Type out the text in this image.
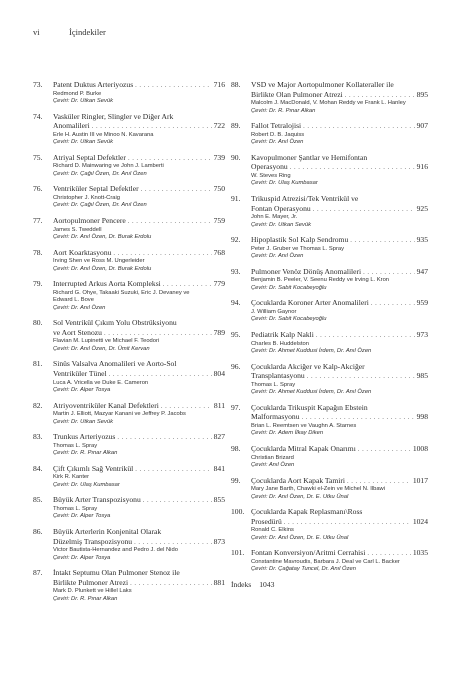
vi	İçindekiler
73. Patent Duktus Arteriyozus . . .	716
Redmond P. Burke
Çeviri: Dr. Utkan Sevük
74. Vasküler Ringler, Slingler ve Diğer Ark
Anomalileri . . .	722
Erle H. Austin III ve Minoo N. Kavarana
Çeviri: Dr. Utkan Sevük
75. Atriyal Septal Defektler . . .	739
Richard D. Mainwaring ve John J. Lamberti
Çeviri: Dr. Çağıl Özen, Dr. Anıl Özen
76. Ventriküler Septal Defektler . . .	750
Christopher J. Knott-Craig
Çeviri: Dr. Çağıl Özen, Dr. Anıl Özen
77. Aortopulmoner Pencere . . .	759
James S. Tweddell
Çeviri: Dr. Anıl Özen, Dr. Burak Erdolu
78. Aort Koarktasyonu . . .	768
Irving Shen ve Ross M. Ungerleider
Çeviri: Dr. Anıl Özen, Dr. Burak Erdolu
79. Interrupted Arkus Aorta Kompleksi . . .	779
Richard G. Ohye, Takaaki Suzuki, Eric J. Devaney ve
Edward L. Bove
Çeviri: Dr. Anıl Özen
80. Sol Ventrikül Çıkım Yolu Obstrüksiyonu
ve Aort Stenozu . . .	789
Flavian M. Lupinetti ve Michael F. Teodori
Çeviri: Dr. Anıl Özen, Dr. Ümit Kervan
81. Sinüs Valsalva Anomalileri ve Aorto-Sol
Ventriküler Tünel . . .	804
Luca A. Vricella ve Duke E. Cameron
Çeviri: Dr. Alper Tosya
82. Atriyoventriküler Kanal Defektleri . . .	811
Martin J. Elliott, Mazyar Kanani ve Jeffrey P. Jacobs
Çeviri: Dr. Utkan Sevük
83. Trunkus Arteriyozus . . .	827
Thomas L. Spray
Çeviri: Dr. R. Pınar Alkan
84. Çift Çıkımlı Sağ Ventrikül . . .	841
Kirk R. Kanter
Çeviri: Dr. Ulaş Kumbasar
85. Büyük Arter Transpozisyonu . . .	855
Thomas L. Spray
Çeviri: Dr. Alper Tosya
86. Büyük Arterlerin Konjenital Olarak
Düzelmiş Transpozisyonu . . .	873
Victor Bautista-Hernandez and Pedro J. del Nido
Çeviri: Dr. Alper Tosya
87. İntakt Septumu Olan Pulmoner Stenoz ile
Birlikte Pulmoner Atrezi . . .	881
Mark D. Plunkett ve Hillel Laks
Çeviri: Dr. R. Pınar Alkan
88. VSD ve Major Aortopulmoner Kollateraller ile
Birlikte Olan Pulmoner Atrezi . . .	895
Malcolm J. MacDonald, V. Mohan Reddy ve Frank L. Hanley
Çeviri: Dr. R. Pınar Alkan
89. Fallot Tetralojisi . . .	907
Robert D. B. Jaquiss
Çeviri: Dr. Anıl Özen
90. Kavopulmoner Şantlar ve Hemifontan
Operasyonu . . .	916
W. Steves Ring
Çeviri: Dr. Ulaş Kumbasar
91. Trikuspid Atrezisi/Tek Ventrikül ve
Fontan Operasyonu . . .	925
John E. Mayer, Jr.
Çeviri: Dr. Utkan Sevük
92. Hipoplastik Sol Kalp Sendromu . . .	935
Peter J. Gruber ve Thomas L. Spray
Çeviri: Dr. Anıl Özen
93. Pulmoner Venöz Dönüş Anomalileri . . .	947
Benjamin B. Peeler, V. Seenu Reddy ve Irving L. Kron
Çeviri: Dr. Sabit Kocabeyoğlu
94. Çocuklarda Koroner Arter Anomalileri . . .	959
J. William Gaynor
Çeviri: Dr. Sabit Kocabeyoğlu
95. Pediatrik Kalp Nakli . . .	973
Charles B. Huddelston
Çeviri: Dr. Ahmet Kuddusi İrdem, Dr. Anıl Özen
96. Çocuklarda Akciğer ve Kalp-Akciğer
Transplantasyonu . . .	985
Thomas L. Spray
Çeviri: Dr. Ahmet Kuddusi İrdem, Dr. Anıl Özen
97. Çocuklarda Trikuspit Kapağın Ebstein
Malformasyonu . . .	998
Brian L. Reemtsen ve Vaughn A. Starnes
Çeviri: Dr. Adem İlkay Diken
98. Çocuklarda Mitral Kapak Onarımı . . .	1008
Christian Brizard
Çeviri: Anıl Özen
99. Çocuklarda Aort Kapak Tamiri . . .	1017
Mary Jane Barth, Chawki el-Zein ve Michel N. Ilbawi
Çeviri: Dr. Anıl Özen, Dr. E. Utku Ünal
100. Çocuklarda Kapak Replasmanı\Ross
Prosedürü . . .	1024
Ronald C. Elkins
Çeviri: Dr. Anıl Özen, Dr. E. Utku Ünal
101. Fontan Konversiyon/Aritmi Cerrahisi . . .	1035
Constantine Mavroudis, Barbara J. Deal ve Carl L. Backer
Çeviri: Dr. Çağatay Tuncel, Dr. Anıl Özen
İndeks 1043
